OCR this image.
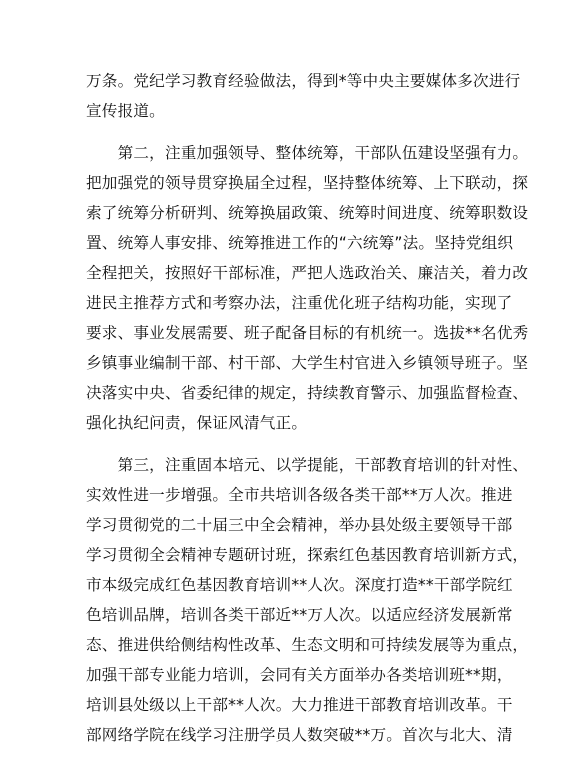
万条。党纪学习教育经验做法，得到*等中央主要媒体多次进行
宣传报道。
　　第二，注重加强领导、整体统筹，干部队伍建设坚强有力。
把加强党的领导贯穿换届全过程，坚持整体统筹、上下联动，探
索了统筹分析研判、统筹换届政策、统筹时间进度、统筹职数设
置、统筹人事安排、统筹推进工作的“六统筹”法。坚持党组织
全程把关，按照好干部标准，严把人选政治关、廉洁关，着力改
进民主推荐方式和考察办法，注重优化班子结构功能，实现了
要求、事业发展需要、班子配备目标的有机统一。选拔**名优秀
乡镇事业编制干部、村干部、大学生村官进入乡镇领导班子。坚
决落实中央、省委纪律的规定，持续教育警示、加强监督检查、
强化执纪问责，保证风清气正。
　　第三，注重固本培元、以学提能，干部教育培训的针对性、
实效性进一步增强。全市共培训各级各类干部**万人次。推进
学习贯彻党的二十届三中全会精神，举办县处级主要领导干部
学习贯彻全会精神专题研讨班，探索红色基因教育培训新方式，
市本级完成红色基因教育培训**人次。深度打造**干部学院红
色培训品牌，培训各类干部近**万人次。以适应经济发展新常
态、推进供给侧结构性改革、生态文明和可持续发展等为重点，
加强干部专业能力培训，会同有关方面举办各类培训班**期，
培训县处级以上干部**人次。大力推进干部教育培训改革。干
部网络学院在线学习注册学员人数突破**万。首次与北大、清
